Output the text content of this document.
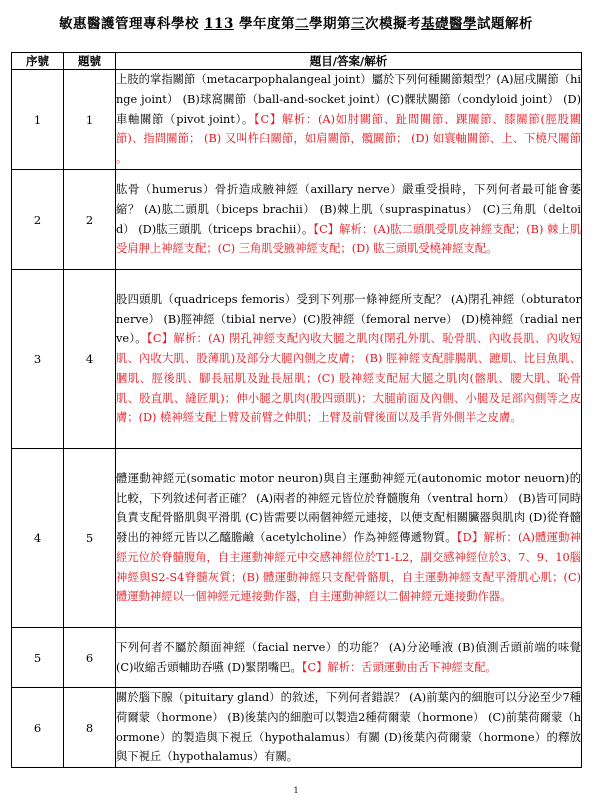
敏惠醫護管理專科學校 113 學年度第二學期第三次模擬考基礎醫學試題解析
序號	題號	題目/答案/解析
1	1	上肢的掌指關節（metacarpophalangeal joint）屬於下列何種關節類型？(A)屈戌關節（hinge joint） (B)球窩關節（ball-and-socket joint）(C)髁狀關節（condyloid joint） (D)車軸關節（pivot joint）。【C】解析：(A)如肘關節、趾間關節、踝關節、膝關節(脛股關節)、指間關節； (B) 又叫杵臼關節，如肩關節，髖關節； (D) 如寰軸關節、上、下橈尺關節 。
2	2	肱骨（humerus）骨折造成腋神經（axillary nerve）嚴重受損時，下列何者最可能會萎縮？ (A)肱二頭肌（biceps brachii） (B)棘上肌（supraspinatus） (C)三角肌（deltoid） (D)肱三頭肌（triceps brachii）。【C】解析：(A)肱二頭肌受肌皮神經支配；(B) 棘上肌受肩胛上神經支配；(C) 三角肌受腋神經支配；(D) 肱三頭肌受橈神經支配。
3	4	股四頭肌（quadriceps femoris）受到下列那一條神經所支配？ (A)閉孔神經（obturator nerve） (B)脛神經（tibial nerve）(C)股神經（femoral nerve） (D)橈神經（radial nerve）。【C】解析：(A) 閉孔神經支配內收大腿之肌肉(閉孔外肌、恥骨肌、內收長肌、內收短肌、內收大肌、股薄肌)及部分大腿內側之皮膚； (B) 脛神經支配腓腸肌、蹠肌、比目魚肌、膕肌、脛後肌、腳長屈肌及趾長屈肌；(C) 股神經支配屈大腿之肌肉(髂肌、腰大肌、恥骨肌、股直肌、縫匠肌)；伸小腿之肌肉(股四頭肌)；大腿前面及內側、小腿及足部內側等之皮膚；(D) 橈神經支配上臂及前臂之伸肌；上臂及前臂後面以及手背外側半之皮膚。
4	5	體運動神經元(somatic motor neuron)與自主運動神經元(autonomic motor neuorn)的比較，下列敘述何者正確？ (A)兩者的神經元皆位於脊髓腹角（ventral horn） (B)皆可同時負責支配骨骼肌與平滑肌 (C)皆需要以兩個神經元連接，以便支配相關臟器與肌肉 (D)從脊髓發出的神經元皆以乙醯膽鹼（acetylcholine）作為神經傳遞物質。【D】解析：(A)體運動神經元位於脊髓腹角，自主運動神經元中交感神經位於T1-L2，副交感神經位於3、7、9、10腦神經與S2-S4脊髓灰質；(B) 體運動神經只支配骨骼肌，自主運動神經支配平滑肌心肌；(C) 體運動神經以一個神經元連接動作器，自主運動神經以二個神經元連接動作器。
5	6	下列何者不屬於顏面神經（facial nerve）的功能？ (A)分泌唾液 (B)偵測舌頭前端的味覺 (C)收縮舌頭輔助吞嚥 (D)緊閉嘴巴。【C】解析：舌頭運動由舌下神經支配。
6	8	關於腦下腺（pituitary gland）的敘述，下列何者錯誤？ (A)前葉內的細胞可以分泌至少7種荷爾蒙（hormone） (B)後葉內的細胞可以製造2種荷爾蒙（hormone） (C)前葉荷爾蒙（hormone）的製造與下視丘（hypothalamus）有關 (D)後葉內荷爾蒙（hormone）的釋放與下視丘（hypothalamus）有關。
1
